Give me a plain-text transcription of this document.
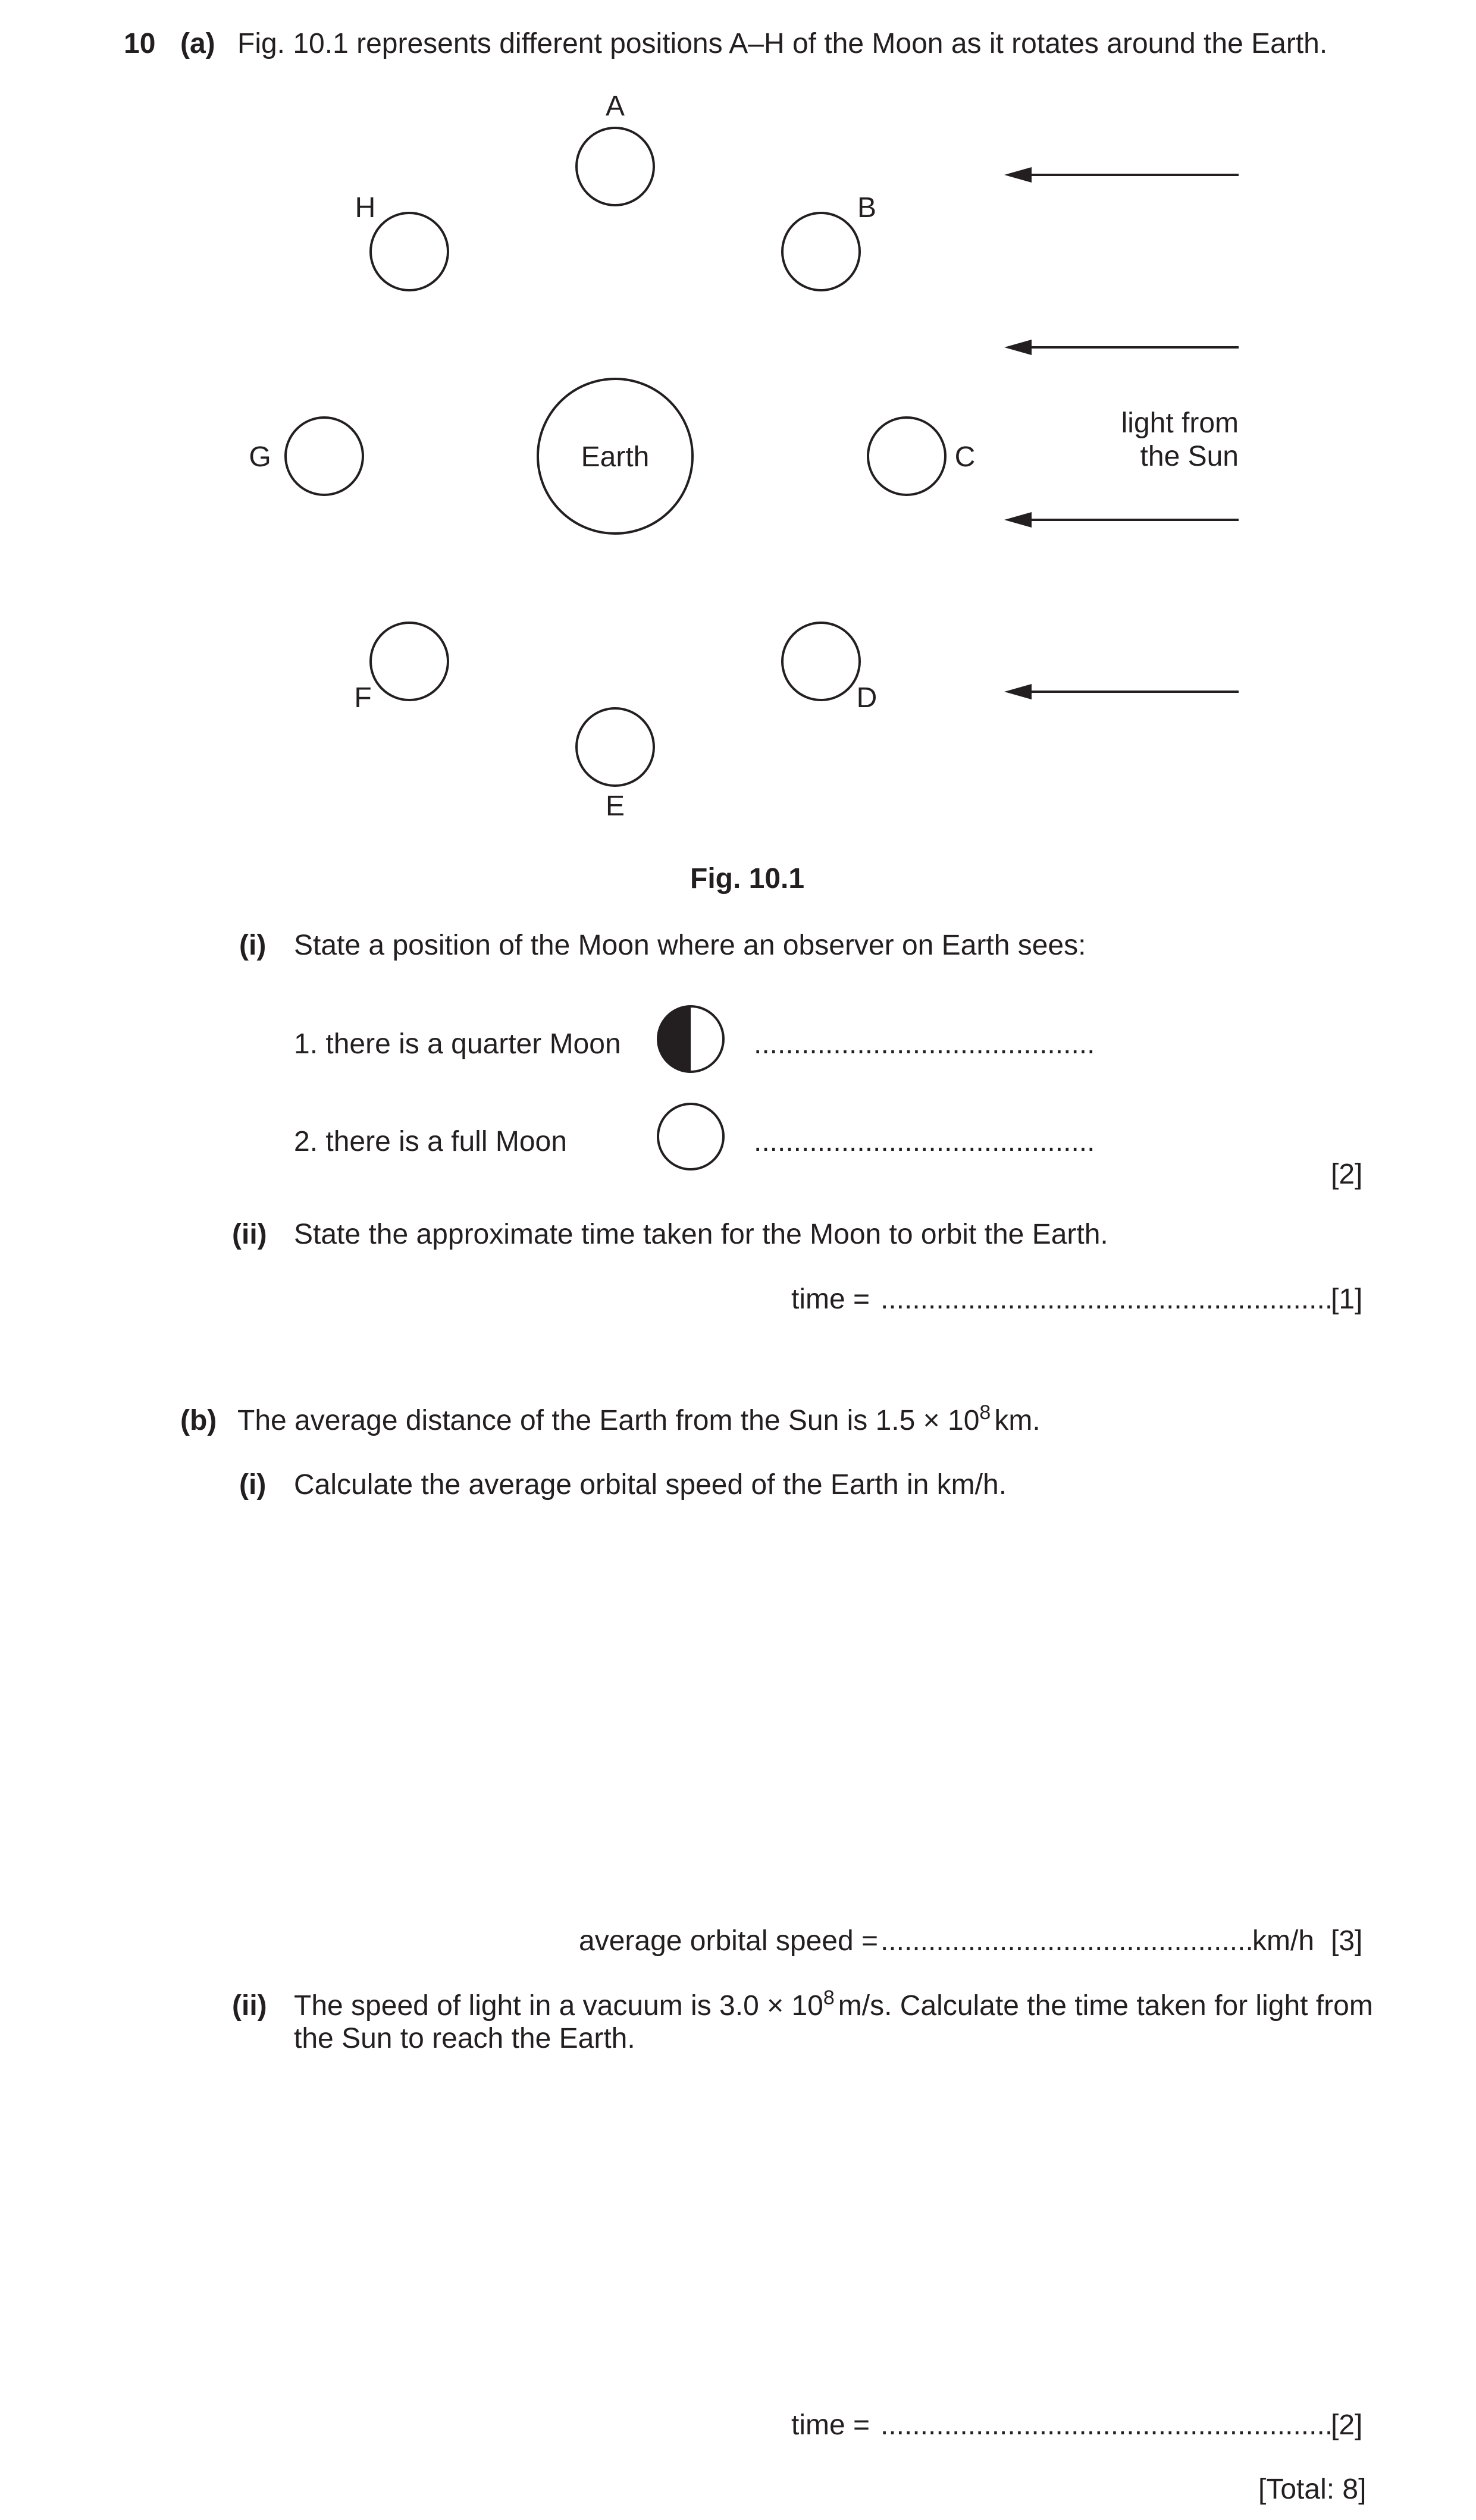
10 (a) Fig. 10.1 represents different positions A–H of the Moon as it rotates around the Earth.
Earth
A
B
C
D
E
F
G
H
light from
the Sun
Fig. 10.1
(i) State a position of the Moon where an observer on Earth sees:
1. there is a quarter Moon	...........................................
2. there is a full Moon	...........................................
[2]
(ii) State the approximate time taken for the Moon to orbit the Earth.
time = .........................................................
[1]
(b) The average distance of the Earth from the Sun is $1.5 \times 10^8$ km.
(i) Calculate the average orbital speed of the Earth in km/h.
average orbital speed = ...............................................
km/h [3]
(ii) The speed of light in a vacuum is $3.0 \times 10^8$ m/s. Calculate the time taken for light from
the Sun to reach the Earth.
time = .........................................................
[2]
[Total: 8]
